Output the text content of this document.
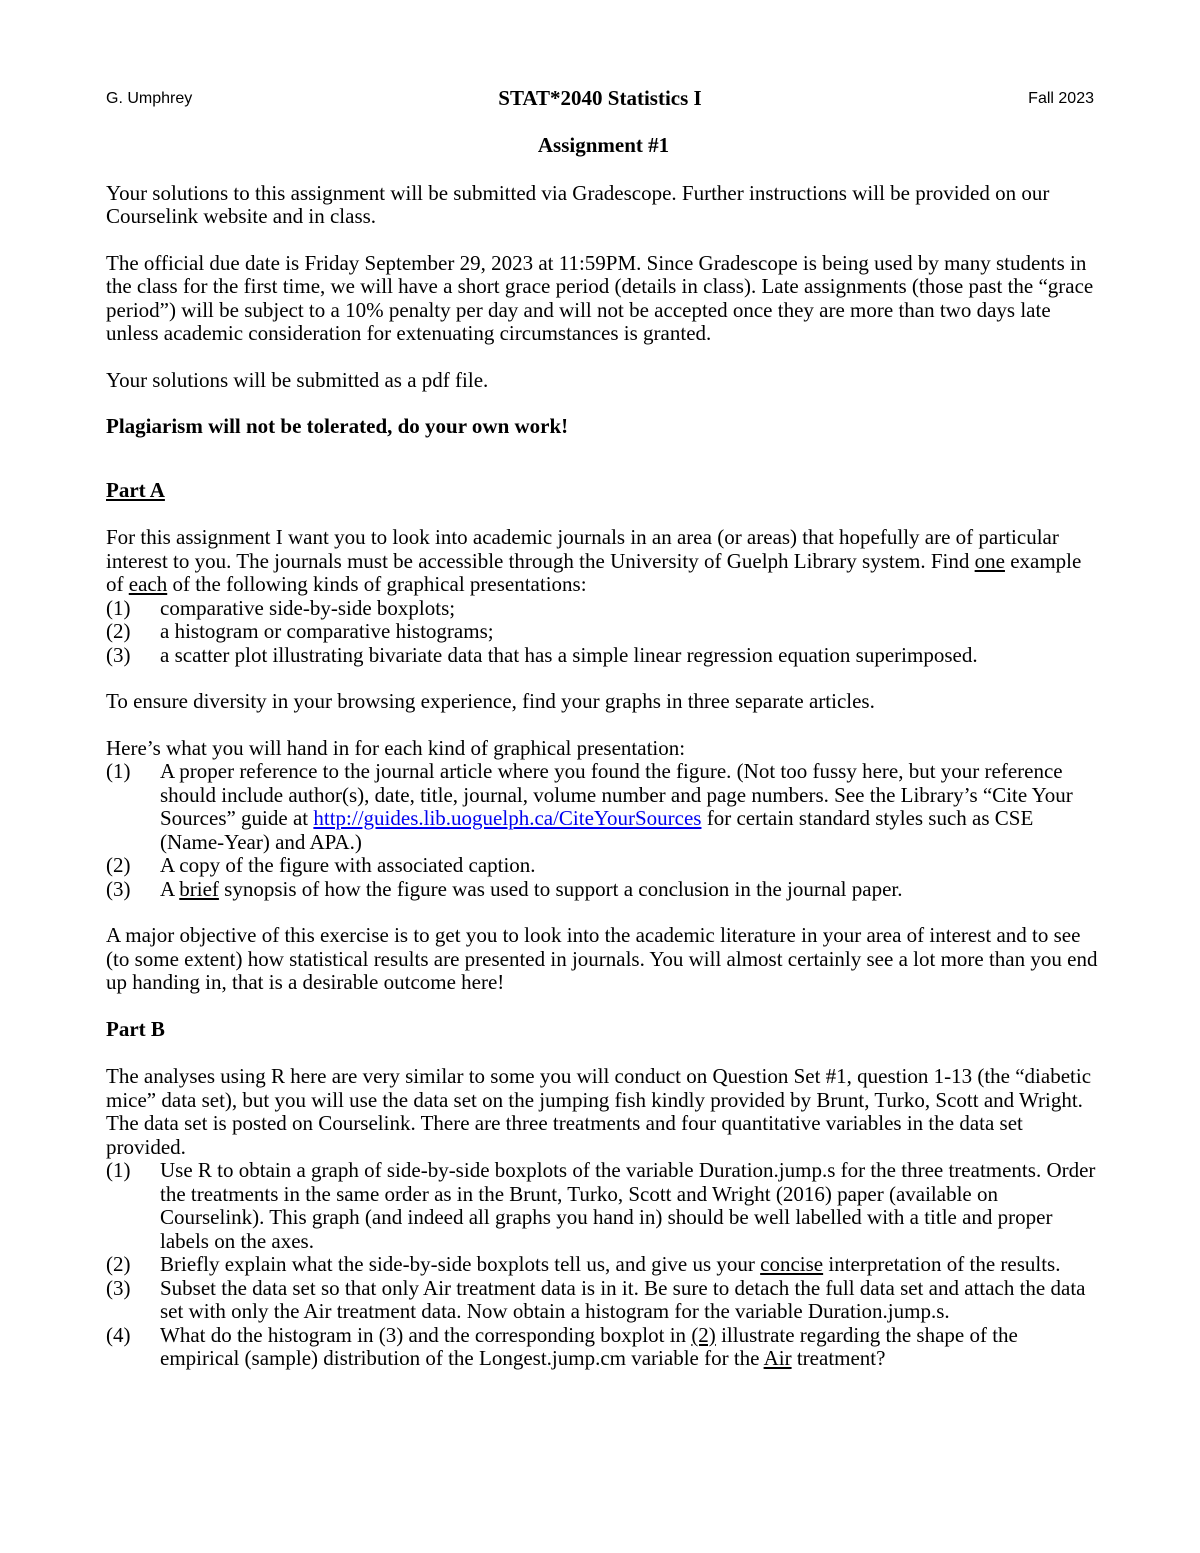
G. Umphrey	STAT*2040 Statistics I	Fall 2023
Assignment #1

Your solutions to this assignment will be submitted via Gradescope. Further instructions will be provided on our Courselink website and in class.

The official due date is Friday September 29, 2023 at 11:59PM. Since Gradescope is being used by many students in the class for the first time, we will have a short grace period (details in class). Late assignments (those past the “grace period”) will be subject to a 10% penalty per day and will not be accepted once they are more than two days late unless academic consideration for extenuating circumstances is granted.

Your solutions will be submitted as a pdf file.

Plagiarism will not be tolerated, do your own work!

Part A

For this assignment I want you to look into academic journals in an area (or areas) that hopefully are of particular interest to you. The journals must be accessible through the University of Guelph Library system. Find one example of each of the following kinds of graphical presentations:

(1) comparative side-by-side boxplots;
(2) a histogram or comparative histograms;
(3) a scatter plot illustrating bivariate data that has a simple linear regression equation superimposed.

To ensure diversity in your browsing experience, find your graphs in three separate articles.

Here’s what you will hand in for each kind of graphical presentation:

(1) A proper reference to the journal article where you found the figure. (Not too fussy here, but your reference should include author(s), date, title, journal, volume number and page numbers. See the Library’s “Cite Your Sources” guide at http://guides.lib.uoguelph.ca/CiteYourSources for certain standard styles such as CSE (Name-Year) and APA.)
(2) A copy of the figure with associated caption.
(3) A brief synopsis of how the figure was used to support a conclusion in the journal paper.

A major objective of this exercise is to get you to look into the academic literature in your area of interest and to see (to some extent) how statistical results are presented in journals. You will almost certainly see a lot more than you end up handing in, that is a desirable outcome here!

Part B

The analyses using R here are very similar to some you will conduct on Question Set #1, question 1-13 (the “diabetic mice” data set), but you will use the data set on the jumping fish kindly provided by Brunt, Turko, Scott and Wright. The data set is posted on Courselink. There are three treatments and four quantitative variables in the data set provided.

(1) Use R to obtain a graph of side-by-side boxplots of the variable Duration.jump.s for the three treatments. Order the treatments in the same order as in the Brunt, Turko, Scott and Wright (2016) paper (available on Courselink). This graph (and indeed all graphs you hand in) should be well labelled with a title and proper labels on the axes.
(2) Briefly explain what the side-by-side boxplots tell us, and give us your concise interpretation of the results.
(3) Subset the data set so that only Air treatment data is in it. Be sure to detach the full data set and attach the data set with only the Air treatment data. Now obtain a histogram for the variable Duration.jump.s.
(4) What do the histogram in (3) and the corresponding boxplot in (2) illustrate regarding the shape of the empirical (sample) distribution of the Longest.jump.cm variable for the Air treatment?
